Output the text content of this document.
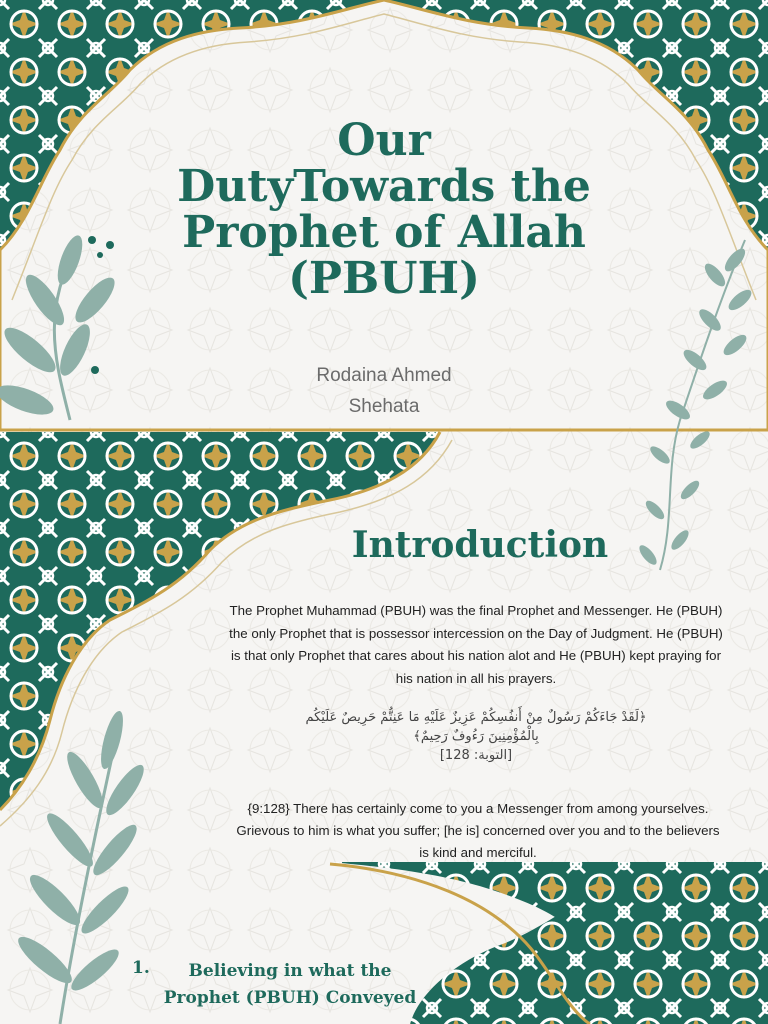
Our
DutyTowards the
Prophet of Allah
(PBUH)
Rodaina Ahmed
Shehata
Introduction

The Prophet Muhammad (PBUH) was the final Prophet and Messenger. He (PBUH) the only Prophet that is possessor intercession on the Day of Judgment. He (PBUH) is that only Prophet that cares about his nation alot and He (PBUH) kept praying for his nation in all his prayers.

﴿لَقَدْ جَاءَكُمْ رَسُولٌ مِنْ أَنفُسِكُمْ عَزِيزٌ عَلَيْهِ مَا عَنِتُّمْ حَرِيصٌ عَلَيْكُم
بِالْمُؤْمِنِينَ رَءُوفٌ رَحِيمٌ﴾
[التوبة: 128]

{9:128} There has certainly come to you a Messenger from among yourselves. Grievous to him is what you suffer; [he is] concerned over you and to the believers is kind and merciful.

1.	Believing in what the
Prophet (PBUH) Conveyed
